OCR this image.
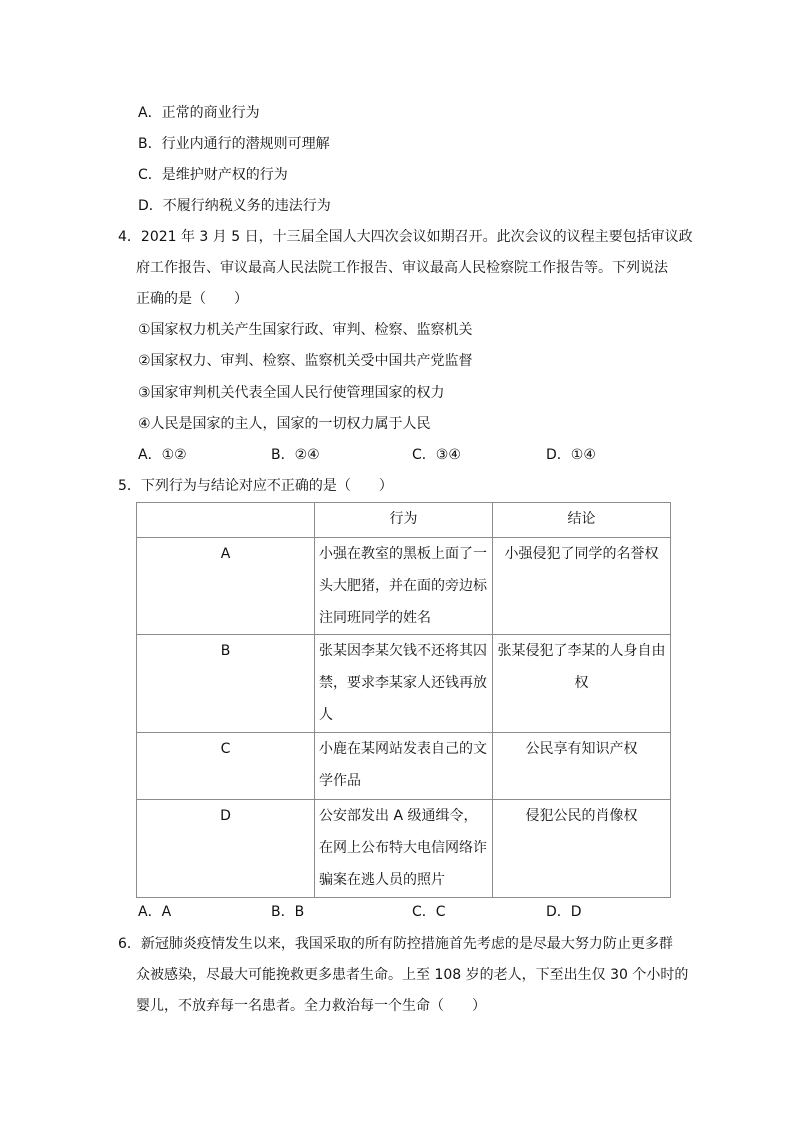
A．正常的商业行为
B．行业内通行的潜规则可理解
C．是维护财产权的行为
D．不履行纳税义务的违法行为
4．2021 年 3 月 5 日，十三届全国人大四次会议如期召开。此次会议的议程主要包括审议政
府工作报告、审议最高人民法院工作报告、审议最高人民检察院工作报告等。下列说法
正确的是（　　）
①国家权力机关产生国家行政、审判、检察、监察机关
②国家权力、审判、检察、监察机关受中国共产党监督
③国家审判机关代表全国人民行使管理国家的权力
④人民是国家的主人，国家的一切权力属于人民
A．①②	B．②④	C．③④	D．①④
5．下列行为与结论对应不正确的是（　　）
	行为	结论
A	小强在教室的黑板上面了一头大肥猪，并在面的旁边标注同班同学的姓名	小强侵犯了同学的名誉权
B	张某因李某欠钱不还将其囚禁，要求李某家人还钱再放人	张某侵犯了李某的人身自由权
C	小鹿在某网站发表自己的文学作品	公民享有知识产权
D	公安部发出 A 级通缉令，在网上公布特大电信网络诈骗案在逃人员的照片	侵犯公民的肖像权
A．A	B．B	C．C	D．D
6．新冠肺炎疫情发生以来，我国采取的所有防控措施首先考虑的是尽最大努力防止更多群
众被感染，尽最大可能挽救更多患者生命。上至 108 岁的老人，下至出生仅 30 个小时的
婴儿，不放弃每一名患者。全力救治每一个生命（　　）
